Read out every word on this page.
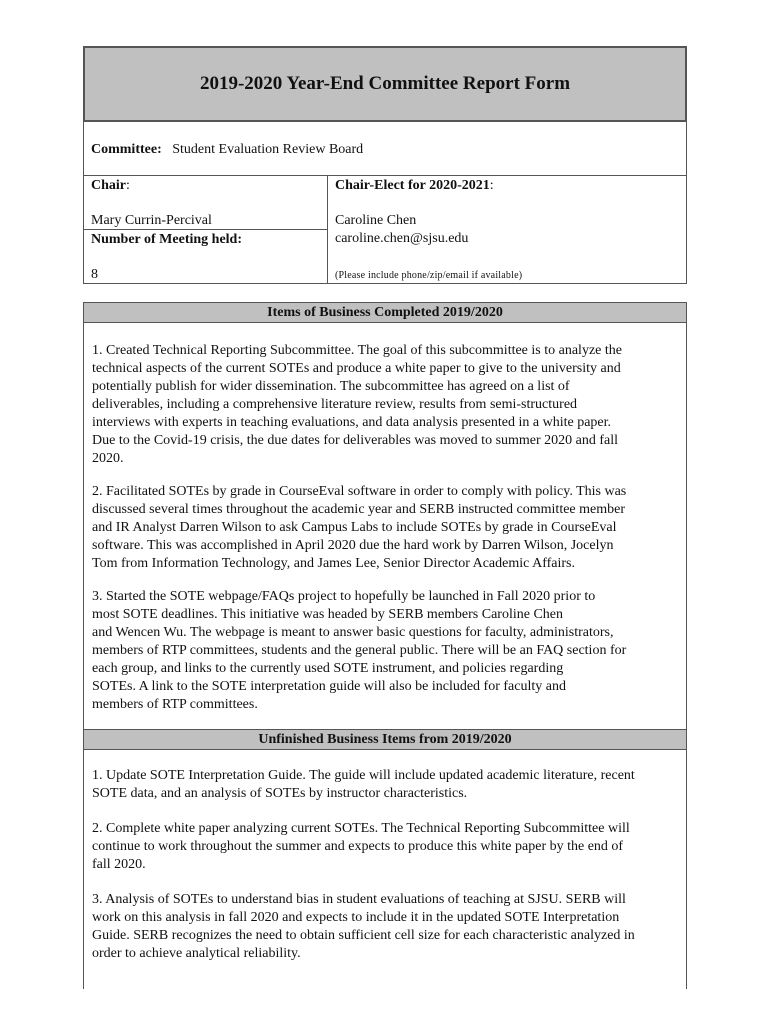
2019-2020 Year-End Committee Report Form
Committee: Student Evaluation Review Board
Chair:
Mary Currin-Percival
Number of Meeting held:
8
Chair-Elect for 2020-2021:
Caroline Chen
caroline.chen@sjsu.edu
(Please include phone/zip/email if available)
Items of Business Completed 2019/2020

1. Created Technical Reporting Subcommittee. The goal of this subcommittee is to analyze the
technical aspects of the current SOTEs and produce a white paper to give to the university and
potentially publish for wider dissemination. The subcommittee has agreed on a list of
deliverables, including a comprehensive literature review, results from semi-structured
interviews with experts in teaching evaluations, and data analysis presented in a white paper.
Due to the Covid-19 crisis, the due dates for deliverables was moved to summer 2020 and fall
2020.

2. Facilitated SOTEs by grade in CourseEval software in order to comply with policy. This was
discussed several times throughout the academic year and SERB instructed committee member
and IR Analyst Darren Wilson to ask Campus Labs to include SOTEs by grade in CourseEval
software. This was accomplished in April 2020 due the hard work by Darren Wilson, Jocelyn
Tom from Information Technology, and James Lee, Senior Director Academic Affairs.

3. Started the SOTE webpage/FAQs project to hopefully be launched in Fall 2020 prior to
most SOTE deadlines. This initiative was headed by SERB members Caroline Chen
and Wencen Wu. The webpage is meant to answer basic questions for faculty, administrators,
members of RTP committees, students and the general public. There will be an FAQ section for
each group, and links to the currently used SOTE instrument, and policies regarding
SOTEs. A link to the SOTE interpretation guide will also be included for faculty and
members of RTP committees.

Unfinished Business Items from 2019/2020

1. Update SOTE Interpretation Guide. The guide will include updated academic literature, recent
SOTE data, and an analysis of SOTEs by instructor characteristics.

2. Complete white paper analyzing current SOTEs. The Technical Reporting Subcommittee will
continue to work throughout the summer and expects to produce this white paper by the end of
fall 2020.

3. Analysis of SOTEs to understand bias in student evaluations of teaching at SJSU. SERB will
work on this analysis in fall 2020 and expects to include it in the updated SOTE Interpretation
Guide. SERB recognizes the need to obtain sufficient cell size for each characteristic analyzed in
order to achieve analytical reliability.
